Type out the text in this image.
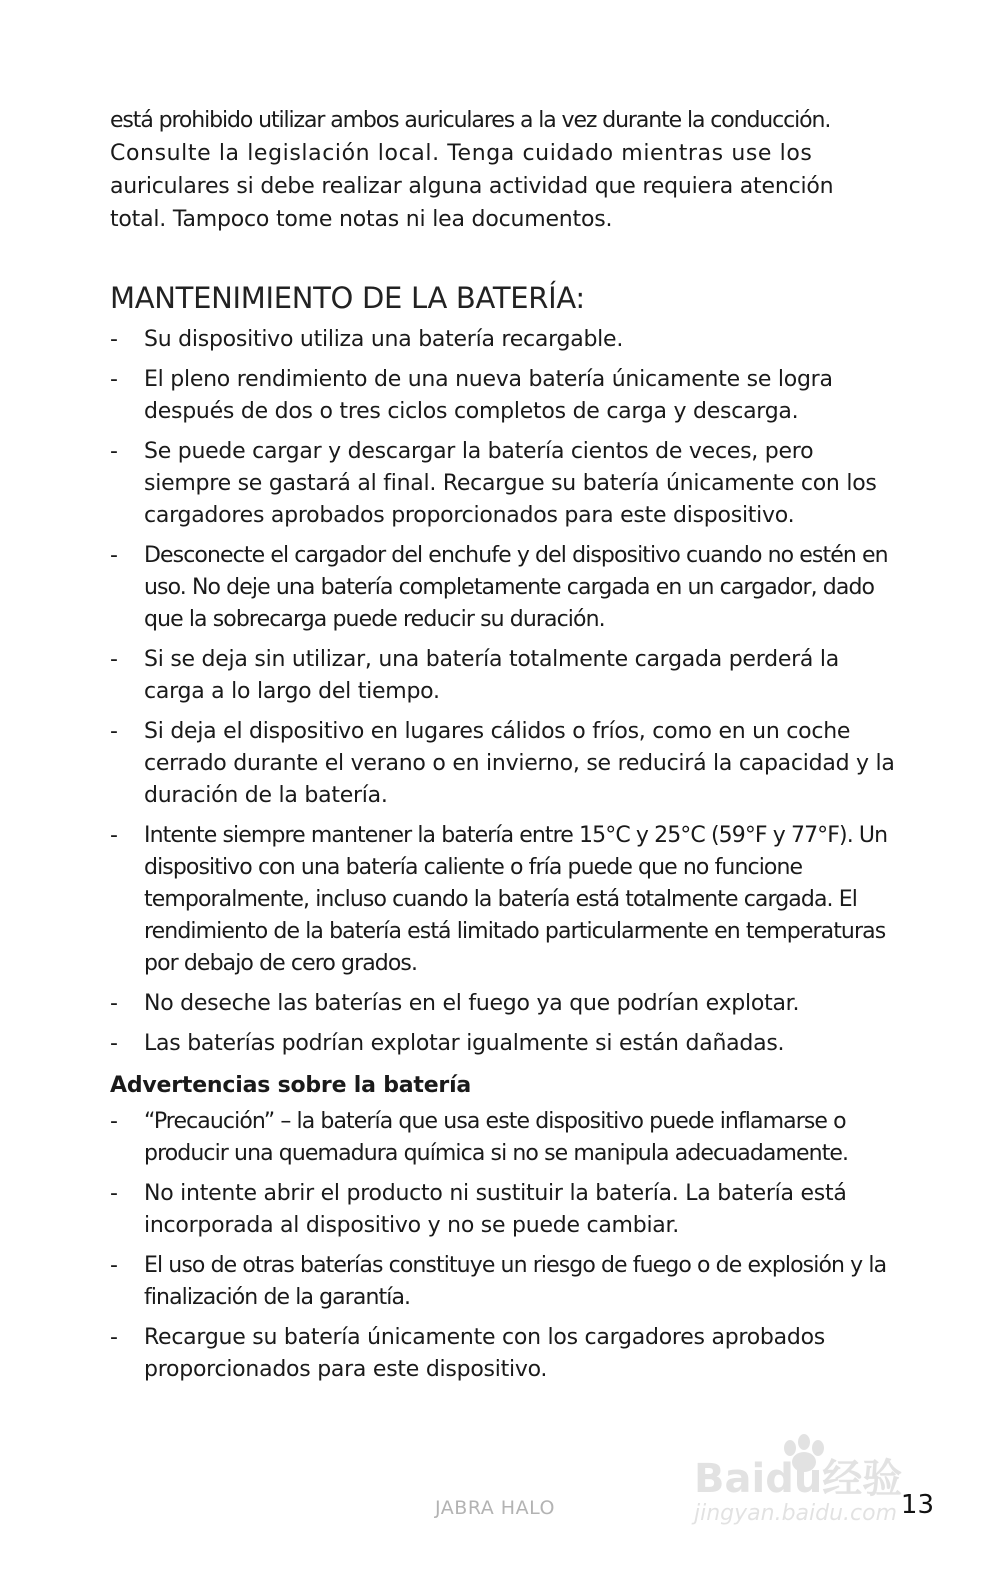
está prohibido utilizar ambos auriculares a la vez durante la conducción.

Consulte la legislación local. Tenga cuidado mientras use los

auriculares si debe realizar alguna actividad que requiera atención

total. Tampoco tome notas ni lea documentos.

MANTENIMIENTO DE LA BATERÍA:
-	Su dispositivo utiliza una batería recargable.
-	El pleno rendimiento de una nueva batería únicamente se logra después de dos o tres ciclos completos de carga y descarga.
-	Se puede cargar y descargar la batería cientos de veces, pero siempre se gastará al final. Recargue su batería únicamente con los cargadores aprobados proporcionados para este dispositivo.
-	Desconecte el cargador del enchufe y del dispositivo cuando no estén en uso. No deje una batería completamente cargada en un cargador, dado que la sobrecarga puede reducir su duración.
-	Si se deja sin utilizar, una batería totalmente cargada perderá la carga a lo largo del tiempo.
-	Si deja el dispositivo en lugares cálidos o fríos, como en un coche cerrado durante el verano o en invierno, se reducirá la capacidad y la duración de la batería.
-	Intente siempre mantener la batería entre 15°C y 25°C (59°F y 77°F). Un dispositivo con una batería caliente o fría puede que no funcione temporalmente, incluso cuando la batería está totalmente cargada. El rendimiento de la batería está limitado particularmente en temperaturas por debajo de cero grados.
-	No deseche las baterías en el fuego ya que podrían explotar.
-	Las baterías podrían explotar igualmente si están dañadas.
Advertencias sobre la batería
-	“Precaución” – la batería que usa este dispositivo puede inflamarse o producir una quemadura química si no se manipula adecuadamente.
-	No intente abrir el producto ni sustituir la batería. La batería está incorporada al dispositivo y no se puede cambiar.
-	El uso de otras baterías constituye un riesgo de fuego o de explosión y la finalización de la garantía.
-	Recargue su batería únicamente con los cargadores aprobados proporcionados para este dispositivo.
Baidu经验
jingyan.baidu.com
JABRA HALO	13
